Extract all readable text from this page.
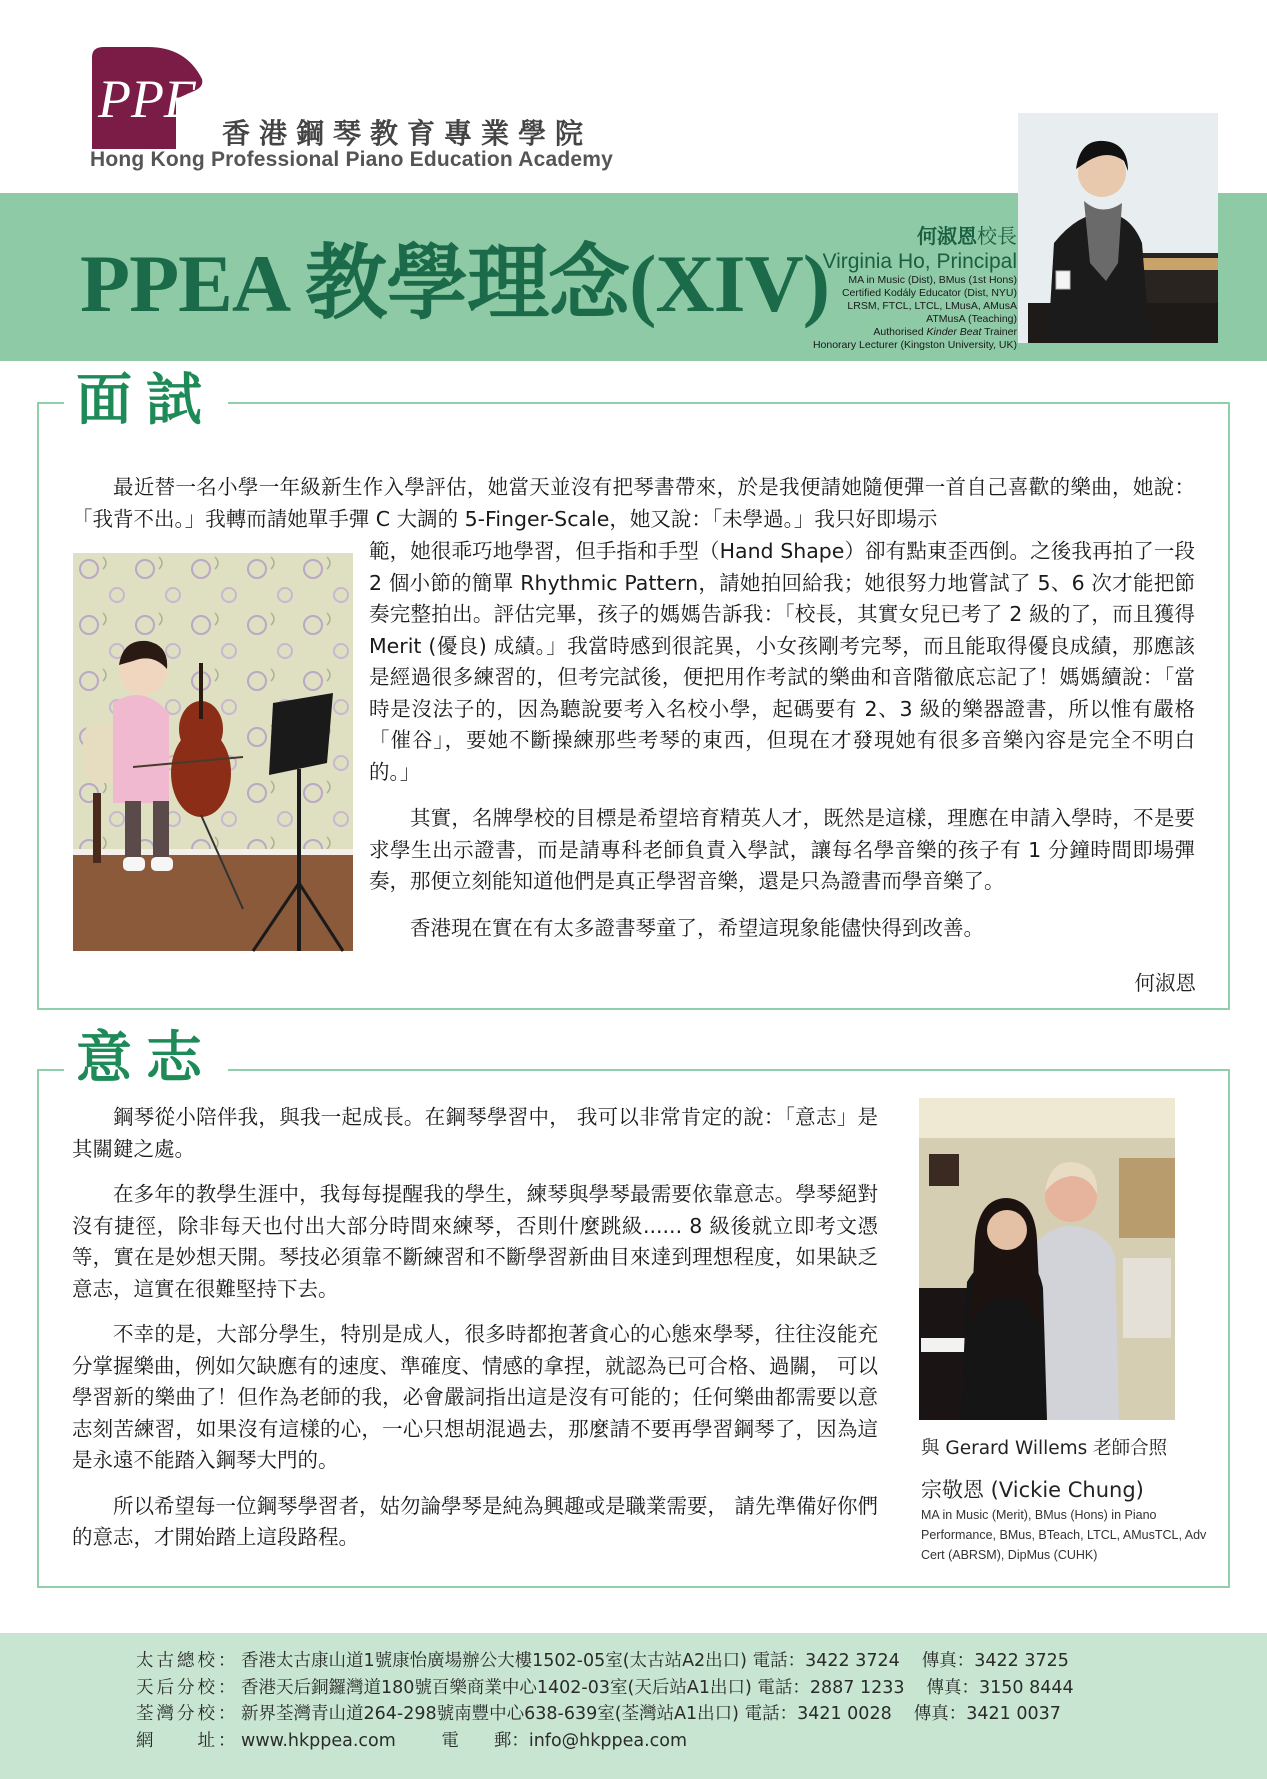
PPEA
香港鋼琴教育專業學院
Hong Kong Professional Piano Education Academy
PPEA 教學理念(XIV)
何淑恩校長
Virginia Ho, Principal
MA in Music (Dist), BMus (1st Hons)
Certified Kodály Educator (Dist, NYU)
LRSM, FTCL, LTCL, LMusA, AMusA
ATMusA (Teaching)
Authorised Kinder Beat Trainer
Honorary Lecturer (Kingston University, UK)
面試

最近替一名小學一年級新生作入學評估，她當天並沒有把琴書帶來，於是我便請她隨便彈一首自己喜歡的樂曲，她說：「我背不出。」我轉而請她單手彈 C 大調的 5-Finger-Scale，她又說：「未學過。」我只好即場示

範，她很乖巧地學習，但手指和手型（Hand Shape）卻有點東歪西倒。之後我再拍了一段 2 個小節的簡單 Rhythmic Pattern，請她拍回給我；她很努力地嘗試了 5、6 次才能把節奏完整拍出。評估完畢，孩子的媽媽告訴我：「校長，其實女兒已考了 2 級的了，而且獲得 Merit (優良) 成績。」我當時感到很詫異，小女孩剛考完琴，而且能取得優良成績，那應該是經過很多練習的，但考完試後，便把用作考試的樂曲和音階徹底忘記了！媽媽續說：「當時是沒法子的，因為聽說要考入名校小學，起碼要有 2、3 級的樂器證書，所以惟有嚴格「催谷」，要她不斷操練那些考琴的東西，但現在才發現她有很多音樂內容是完全不明白的。」

其實，名牌學校的目標是希望培育精英人才，既然是這樣，理應在申請入學時，不是要求學生出示證書，而是請專科老師負責入學試，讓每名學音樂的孩子有 1 分鐘時間即場彈奏，那便立刻能知道他們是真正學習音樂，還是只為證書而學音樂了。

香港現在實在有太多證書琴童了，希望這現象能儘快得到改善。

何淑恩
意志

鋼琴從小陪伴我，與我一起成長。在鋼琴學習中， 我可以非常肯定的說：「意志」是其關鍵之處。

在多年的教學生涯中，我每每提醒我的學生，練琴與學琴最需要依靠意志。學琴絕對沒有捷徑，除非每天也付出大部分時間來練琴，否則什麼跳級...... 8 級後就立即考文憑等，實在是妙想天開。琴技必須靠不斷練習和不斷學習新曲目來達到理想程度，如果缺乏意志，這實在很難堅持下去。

不幸的是，大部分學生，特別是成人，很多時都抱著貪心的心態來學琴，往往沒能充分掌握樂曲，例如欠缺應有的速度、準確度、情感的拿捏，就認為已可合格、過關， 可以學習新的樂曲了！但作為老師的我，必會嚴詞指出這是沒有可能的；任何樂曲都需要以意志刻苦練習，如果沒有這樣的心，一心只想胡混過去，那麼請不要再學習鋼琴了，因為這是永遠不能踏入鋼琴大門的。

所以希望每一位鋼琴學習者，姑勿論學琴是純為興趣或是職業需要， 請先準備好你們的意志，才開始踏上這段路程。

與 Gerard Willems 老師合照
宗敬恩 (Vickie Chung)
MA in Music (Merit), BMus (Hons) in Piano Performance, BMus, BTeach, LTCL, AMusTCL, Adv Cert (ABRSM), DipMus (CUHK)
太古總校： 香港太古康山道1號康怡廣場辦公大樓1502-05室(太古站A2出口) 電話：3422 3724 傳真：3422 3725
天后分校： 香港天后銅鑼灣道180號百樂商業中心1402-03室(天后站A1出口) 電話：2887 1233 傳真：3150 8444
荃灣分校： 新界荃灣青山道264-298號南豐中心638-639室(荃灣站A1出口) 電話：3421 0028 傳真：3421 0037
網　　址： www.hkppea.com	電　　郵：info@hkppea.com
